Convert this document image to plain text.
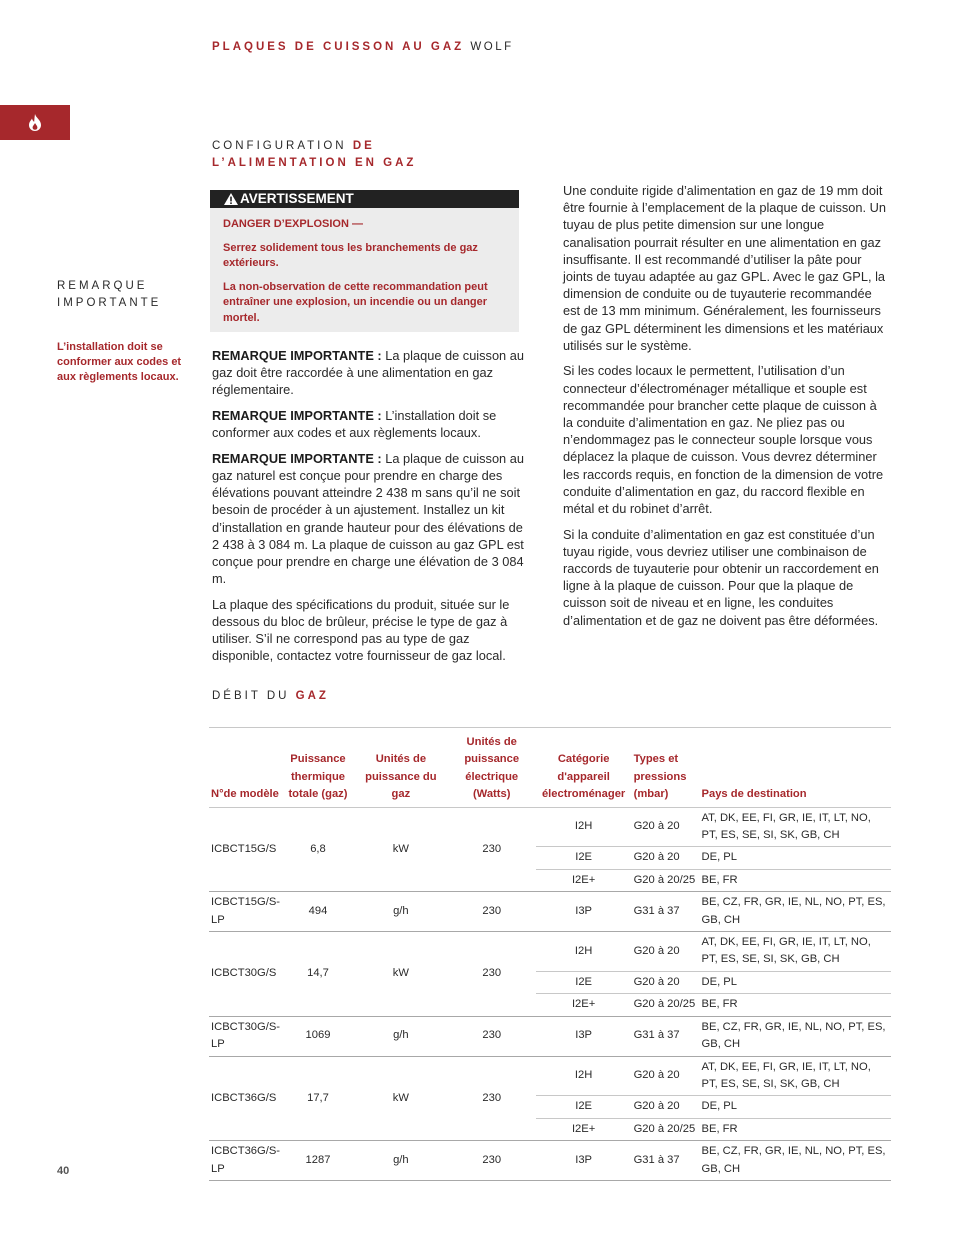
PLAQUES DE CUISSON AU GAZ WOLF
CONFIGURATION DE
L’ALIMENTATION EN GAZ
REMARQUE
IMPORTANTE
L’installation doit se conformer aux codes et aux règlements locaux.
AVERTISSEMENT

DANGER D’EXPLOSION —

Serrez solidement tous les branchements de gaz extérieurs.

La non-observation de cette recommandation peut entraîner une explosion, un incendie ou un danger mortel.

REMARQUE IMPORTANTE : La plaque de cuisson au gaz doit être raccordée à une alimentation en gaz réglementaire.

REMARQUE IMPORTANTE : L’installation doit se conformer aux codes et aux règlements locaux.

REMARQUE IMPORTANTE : La plaque de cuisson au gaz naturel est conçue pour prendre en charge des élévations pouvant atteindre 2 438 m sans qu’il ne soit besoin de procéder à un ajustement. Installez un kit d’installation en grande hauteur pour des élévations de 2 438 à 3 084 m. La plaque de cuisson au gaz GPL est conçue pour prendre en charge une élévation de 3 084 m.

La plaque des spécifications du produit, située sur le dessous du bloc de brûleur, précise le type de gaz à utiliser. S’il ne correspond pas au type de gaz disponible, contactez votre fournisseur de gaz local.

Une conduite rigide d’alimentation en gaz de 19 mm doit être fournie à l’emplacement de la plaque de cuisson. Un tuyau de plus petite dimension sur une longue canalisation pourrait résulter en une alimentation en gaz insuffisante. Il est recommandé d’utiliser la pâte pour joints de tuyau adaptée au gaz GPL. Avec le gaz GPL, la dimension de conduite ou de tuyauterie recommandée est de 13 mm minimum. Généralement, les fournisseurs de gaz GPL déterminent les dimensions et les matériaux utilisés sur le système.

Si les codes locaux le permettent, l’utilisation d’un connecteur d’électroménager métallique et souple est recommandée pour brancher cette plaque de cuisson à la conduite d’alimentation en gaz. Ne pliez pas ou n’endommagez pas le connecteur souple lorsque vous déplacez la plaque de cuisson. Vous devrez déterminer les raccords requis, en fonction de la dimension de votre conduite d’alimentation en gaz, du raccord flexible en métal et du robinet d’arrêt.

Si la conduite d’alimentation en gaz est constituée d’un tuyau rigide, vous devriez utiliser une combinaison de raccords de tuyauterie pour obtenir un raccordement en ligne à la plaque de cuisson. Pour que la plaque de cuisson soit de niveau et en ligne, les conduites d’alimentation et de gaz ne doivent pas être déformées.

DÉBIT DU GAZ
N°de modèle	Puissance thermique totale (gaz)	Unités de puissance du gaz	Unités de puissance électrique (Watts)	Catégorie d'appareil électroménager	Types et pressions (mbar)	Pays de destination
ICBCT15G/S	6,8	kW	230	I2H	G20 à 20	AT, DK, EE, FI, GR, IE, IT, LT, NO, PT, ES, SE, SI, SK, GB, CH
				I2E	G20 à 20	DE, PL
				I2E+	G20 à 20/25	BE, FR
ICBCT15G/S-LP	494	g/h	230	I3P	G31 à 37	BE, CZ, FR, GR, IE, NL, NO, PT, ES, GB, CH
ICBCT30G/S	14,7	kW	230	I2H	G20 à 20	AT, DK, EE, FI, GR, IE, IT, LT, NO, PT, ES, SE, SI, SK, GB, CH
				I2E	G20 à 20	DE, PL
				I2E+	G20 à 20/25	BE, FR
ICBCT30G/S-LP	1069	g/h	230	I3P	G31 à 37	BE, CZ, FR, GR, IE, NL, NO, PT, ES, GB, CH
ICBCT36G/S	17,7	kW	230	I2H	G20 à 20	AT, DK, EE, FI, GR, IE, IT, LT, NO, PT, ES, SE, SI, SK, GB, CH
				I2E	G20 à 20	DE, PL
				I2E+	G20 à 20/25	BE, FR
ICBCT36G/S-LP	1287	g/h	230	I3P	G31 à 37	BE, CZ, FR, GR, IE, NL, NO, PT, ES, GB, CH
40
